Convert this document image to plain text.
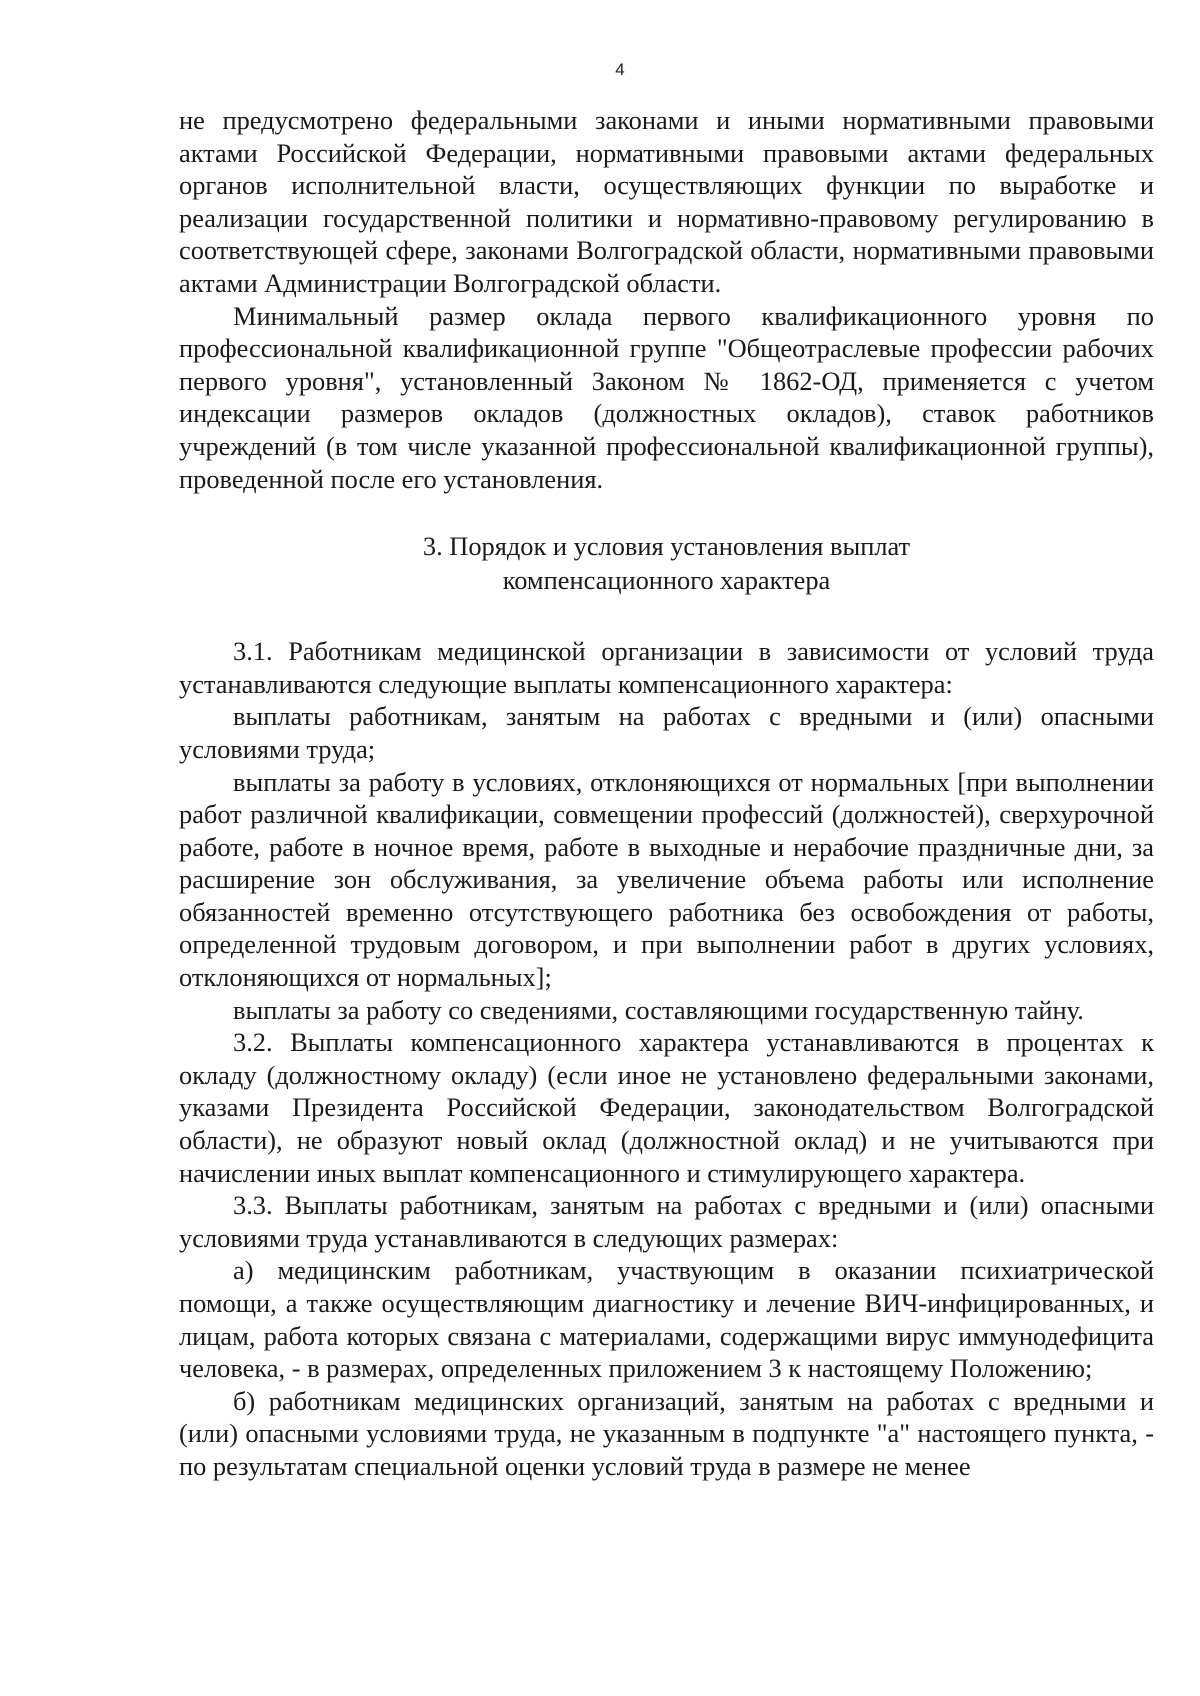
4

не предусмотрено федеральными законами и иными нормативными правовыми актами Российской Федерации, нормативными правовыми актами федеральных органов исполнительной власти, осуществляющих функции по выработке и реализации государственной политики и нормативно-правовому регулированию в соответствующей сфере, законами Волгоградской области, нормативными правовыми актами Администрации Волгоградской области.

Минимальный размер оклада первого квалификационного уровня по профессиональной квалификационной группе "Общеотраслевые профессии рабочих первого уровня", установленный Законом № 1862-ОД, применяется с учетом индексации размеров окладов (должностных окладов), ставок работников учреждений (в том числе указанной профессиональной квалификационной группы), проведенной после его установления.

3. Порядок и условия установления выплат

компенсационного характера

3.1. Работникам медицинской организации в зависимости от условий труда устанавливаются следующие выплаты компенсационного характера:

выплаты работникам, занятым на работах с вредными и (или) опасными условиями труда;

выплаты за работу в условиях, отклоняющихся от нормальных [при выполнении работ различной квалификации, совмещении профессий (должностей), сверхурочной работе, работе в ночное время, работе в выходные и нерабочие праздничные дни, за расширение зон обслуживания, за увеличение объема работы или исполнение обязанностей временно отсутствующего работника без освобождения от работы, определенной трудовым договором, и при выполнении работ в других условиях, отклоняющихся от нормальных];

выплаты за работу со сведениями, составляющими государственную тайну.

3.2. Выплаты компенсационного характера устанавливаются в процентах к окладу (должностному окладу) (если иное не установлено федеральными законами, указами Президента Российской Федерации, законодательством Волгоградской области), не образуют новый оклад (должностной оклад) и не учитываются при начислении иных выплат компенсационного и стимулирующего характера.

3.3. Выплаты работникам, занятым на работах с вредными и (или) опасными условиями труда устанавливаются в следующих размерах:

а) медицинским работникам, участвующим в оказании психиатрической помощи, а также осуществляющим диагностику и лечение ВИЧ-инфицированных, и лицам, работа которых связана с материалами, содержащими вирус иммунодефицита человека, - в размерах, определенных приложением 3 к настоящему Положению;

б) работникам медицинских организаций, занятым на работах с вредными и (или) опасными условиями труда, не указанным в подпункте "а" настоящего пункта, - по результатам специальной оценки условий труда в размере не менее
